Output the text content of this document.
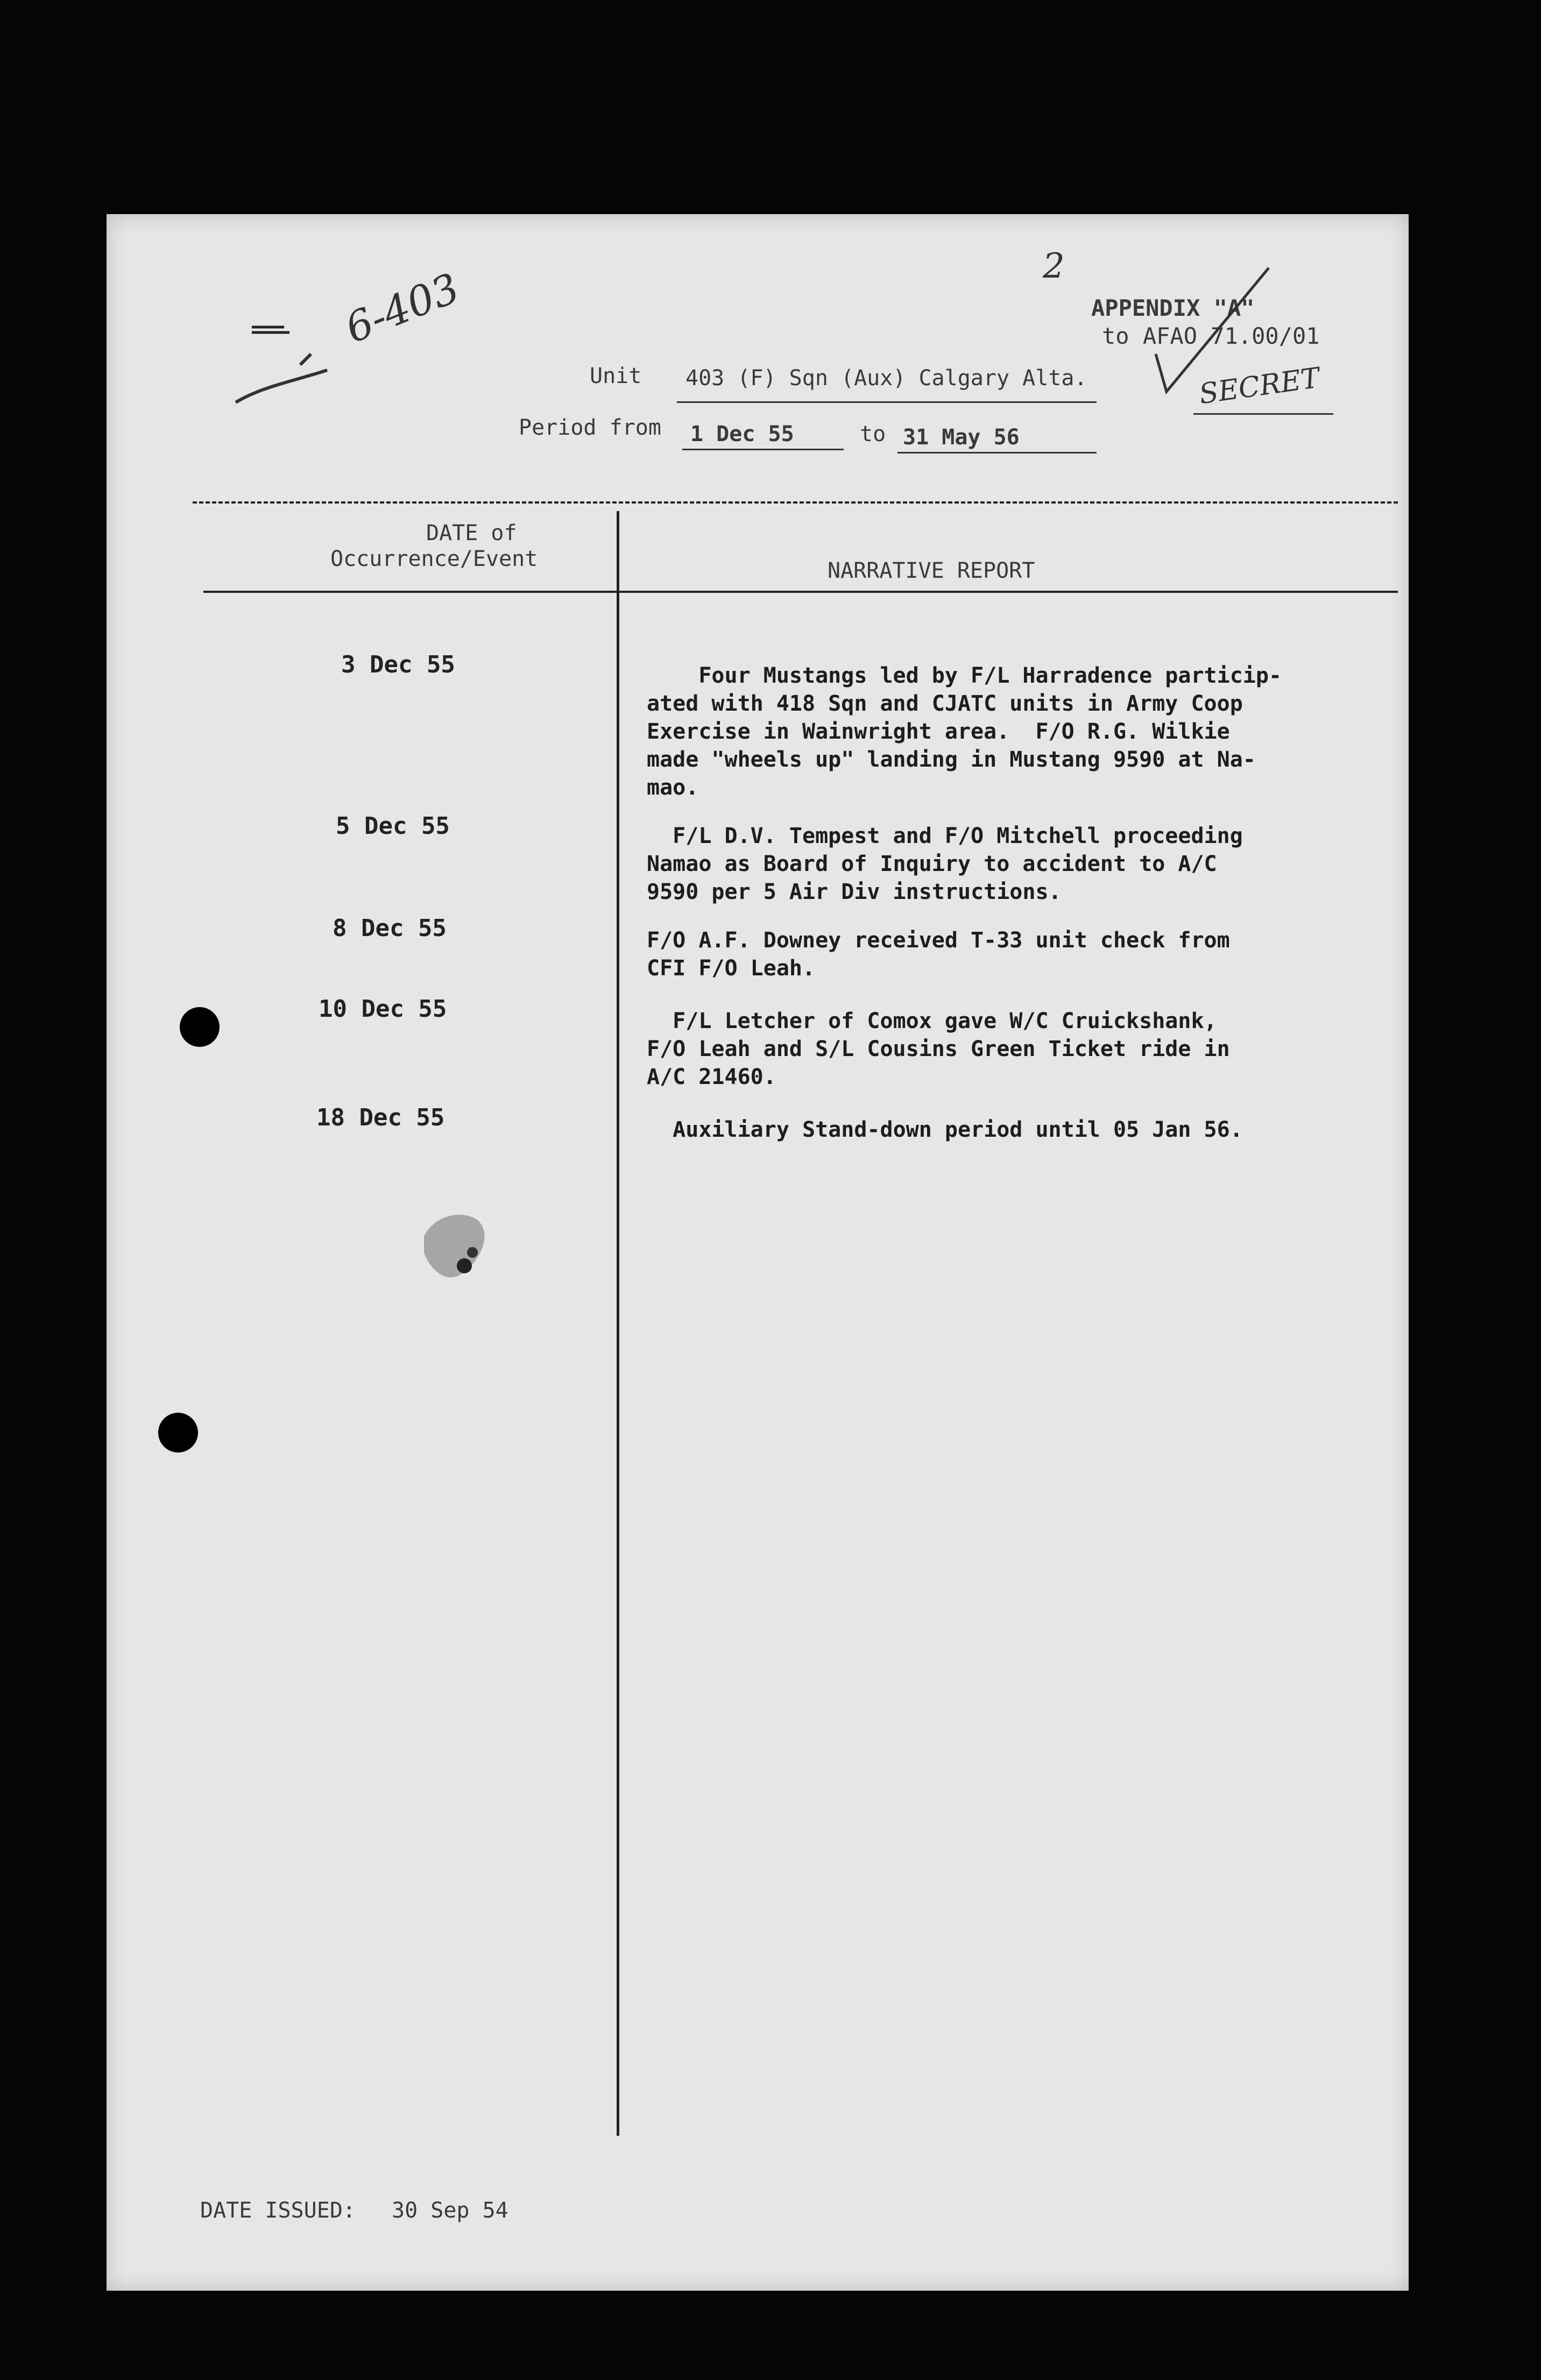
6-403	2
APPENDIX "A"
to AFAO 71.00/01
SECRET
Unit 403 (F) Sqn (Aux) Calgary Alta.
Period from 1 Dec 55	to 31 May 56
DATE of
Occurrence/Event	NARRATIVE REPORT
3 Dec 55	Four Mustangs led by F/L Harradence particip-
ated with 418 Sqn and CJATC units in Army Coop
Exercise in Wainwright area.  F/O R.G. Wilkie
made "wheels up" landing in Mustang 9590 at Na-
mao.
5 Dec 55	F/L D.V. Tempest and F/O Mitchell proceeding
Namao as Board of Inquiry to accident to A/C
9590 per 5 Air Div instructions.
8 Dec 55	F/O A.F. Downey received T-33 unit check from
CFI F/O Leah.
10 Dec 55	F/L Letcher of Comox gave W/C Cruickshank,
F/O Leah and S/L Cousins Green Ticket ride in
A/C 21460.
18 Dec 55	Auxiliary Stand-down period until 05 Jan 56.
DATE ISSUED: 30 Sep 54
